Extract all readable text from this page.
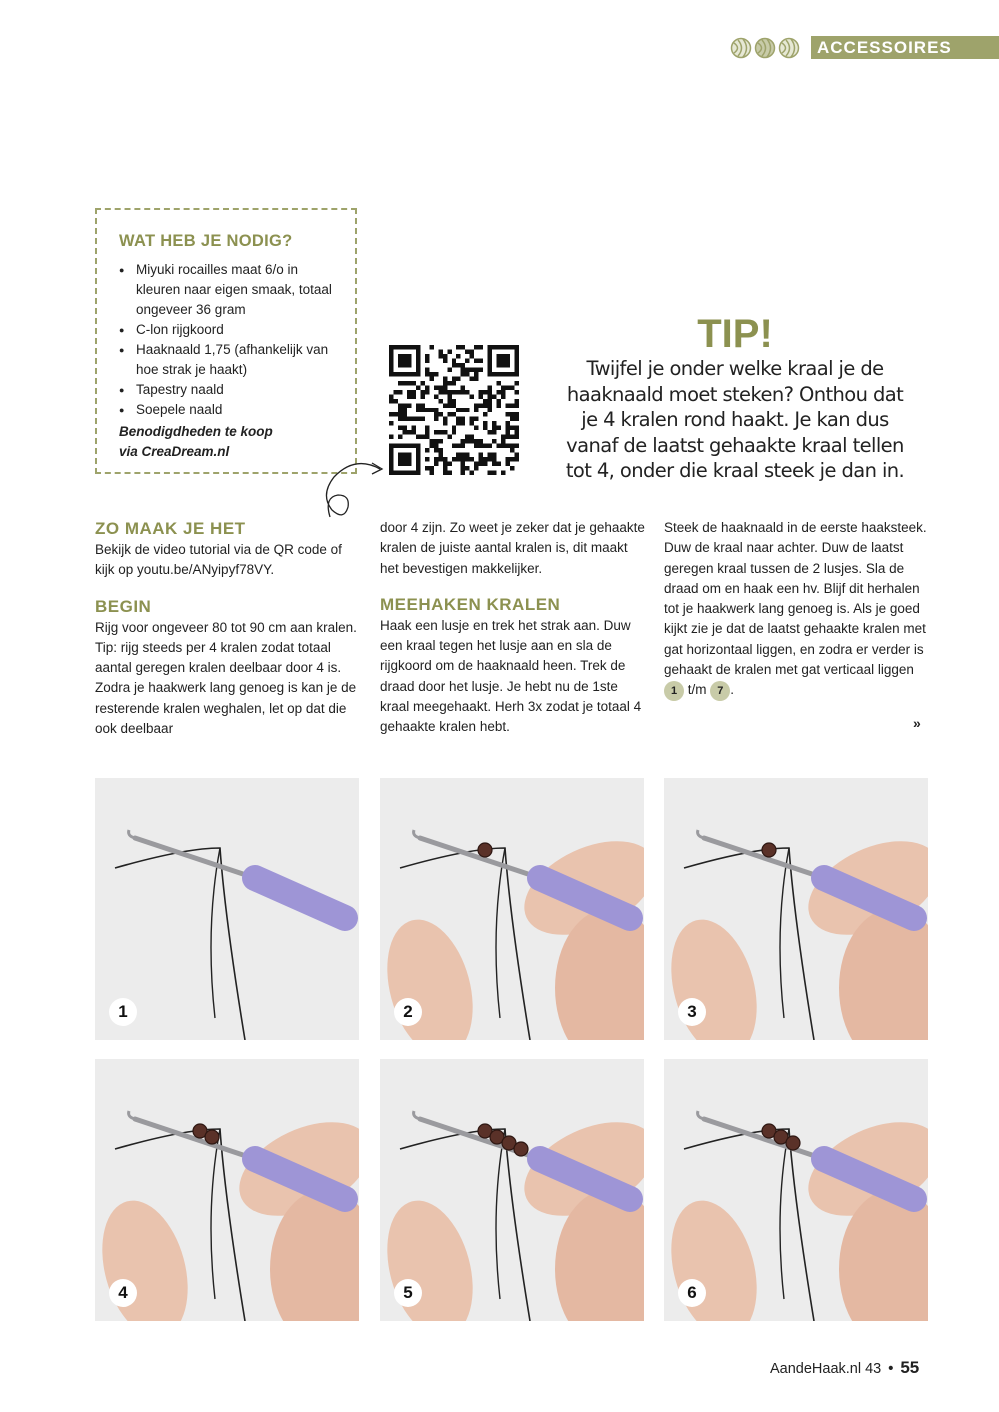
ACCESSOIRES
WAT HEB JE NODIG?
● Miyuki rocailles maat 6/o in kleuren naar eigen smaak, totaal ongeveer 36 gram
● C-lon rijgkoord
● Haaknaald 1,75 (afhankelijk van hoe strak je haakt)
● Tapestry naald
● Soepele naald
Benodigdheden te koop
via CreaDream.nl
TIP!
Twijfel je onder welke kraal je de haaknaald moet steken? Onthou dat je 4 kralen rond haakt. Je kan dus vanaf de laatst gehaakte kraal tellen tot 4, onder die kraal steek je dan in.
ZO MAAK JE HET

Bekijk de video tutorial via de QR code of kijk op youtu.be/ANyipyf78VY.

BEGIN

Rijg voor ongeveer 80 tot 90 cm aan kralen. Tip: rijg steeds per 4 kralen zodat totaal aantal geregen kralen deelbaar door 4 is. Zodra je haakwerk lang genoeg is kan je de resterende kralen weghalen, let op dat die ook deelbaar

door 4 zijn. Zo weet je zeker dat je gehaakte kralen de juiste aantal kralen is, dit maakt het bevestigen makkelijker.

MEEHAKEN KRALEN

Haak een lusje en trek het strak aan. Duw een kraal tegen het lusje aan en sla de rijgkoord om de haaknaald heen. Trek de draad door het lusje. Je hebt nu de 1ste kraal meegehaakt. Herh 3x zodat je totaal 4 gehaakte kralen hebt.

Steek de haaknaald in de eerste haaksteek. Duw de kraal naar achter. Duw de laatst geregen kraal tussen de 2 lusjes. Sla de draad om en haak een hv. Blijf dit herhalen tot je haakwerk lang genoeg is. Als je goed kijkt zie je dat de laatst gehaakte kralen met gat horizontaal liggen, en zodra er verder is gehaakt de kralen met gat verticaal liggen 1 t/m 7 .

»
1	2	3
4	5	6
AandeHaak.nl 43 • 55
